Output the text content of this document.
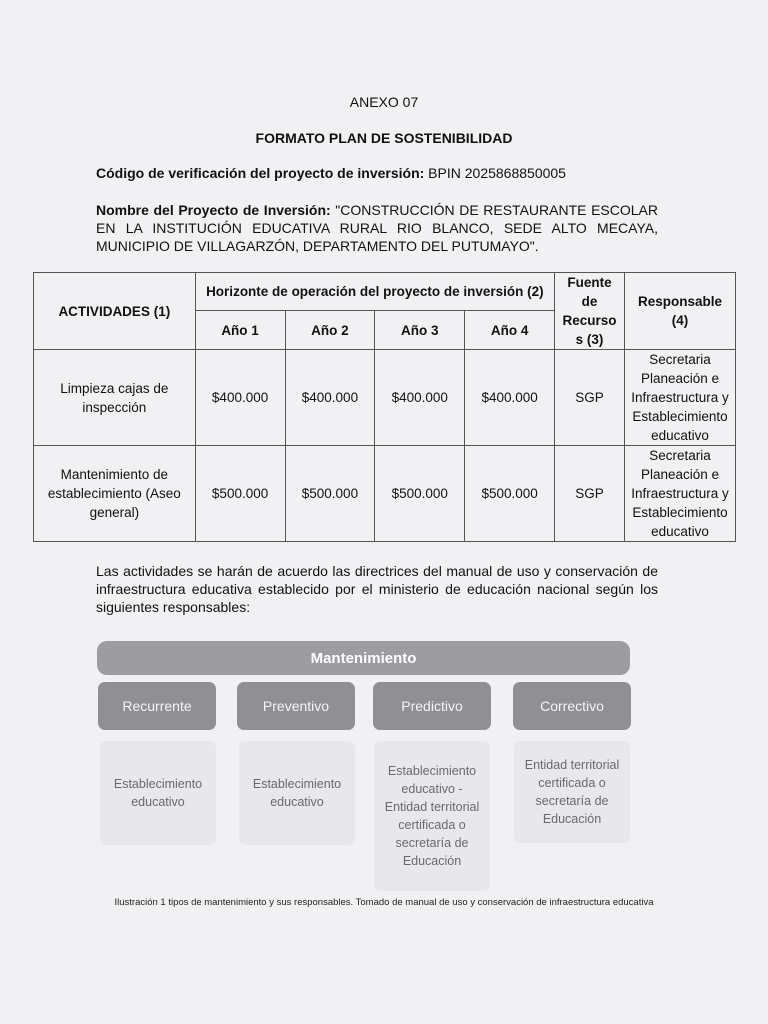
ANEXO 07
FORMATO PLAN DE SOSTENIBILIDAD
Código de verificación del proyecto de inversión: BPIN 2025868850005
Nombre del Proyecto de Inversión: "CONSTRUCCIÓN DE RESTAURANTE ESCOLAR EN LA INSTITUCIÓN EDUCATIVA RURAL RIO BLANCO, SEDE ALTO MECAYA, MUNICIPIO DE VILLAGARZÓN, DEPARTAMENTO DEL PUTUMAYO".
ACTIVIDADES (1)	Horizonte de operación del proyecto de inversión (2)				Fuente de Recurso s (3)	Responsable (4)
	Año 1	Año 2	Año 3	Año 4		
Limpieza cajas de inspección	$400.000	$400.000	$400.000	$400.000	SGP	Secretaria Planeación e Infraestructura y Establecimiento educativo
Mantenimiento de establecimiento (Aseo general)	$500.000	$500.000	$500.000	$500.000	SGP	Secretaria Planeación e Infraestructura y Establecimiento educativo
Las actividades se harán de acuerdo las directrices del manual de uso y conservación de infraestructura educativa establecido por el ministerio de educación nacional según los siguientes responsables:
Mantenimiento
Recurrente	Preventivo	Predictivo	Correctivo
Establecimiento educativo
Establecimiento educativo
Establecimiento educativo - Entidad territorial certificada o secretaría de Educación
Entidad territorial certificada o secretaría de Educación
Ilustración 1 tipos de mantenimiento y sus responsables. Tomado de manual de uso y conservación de infraestructura educativa
